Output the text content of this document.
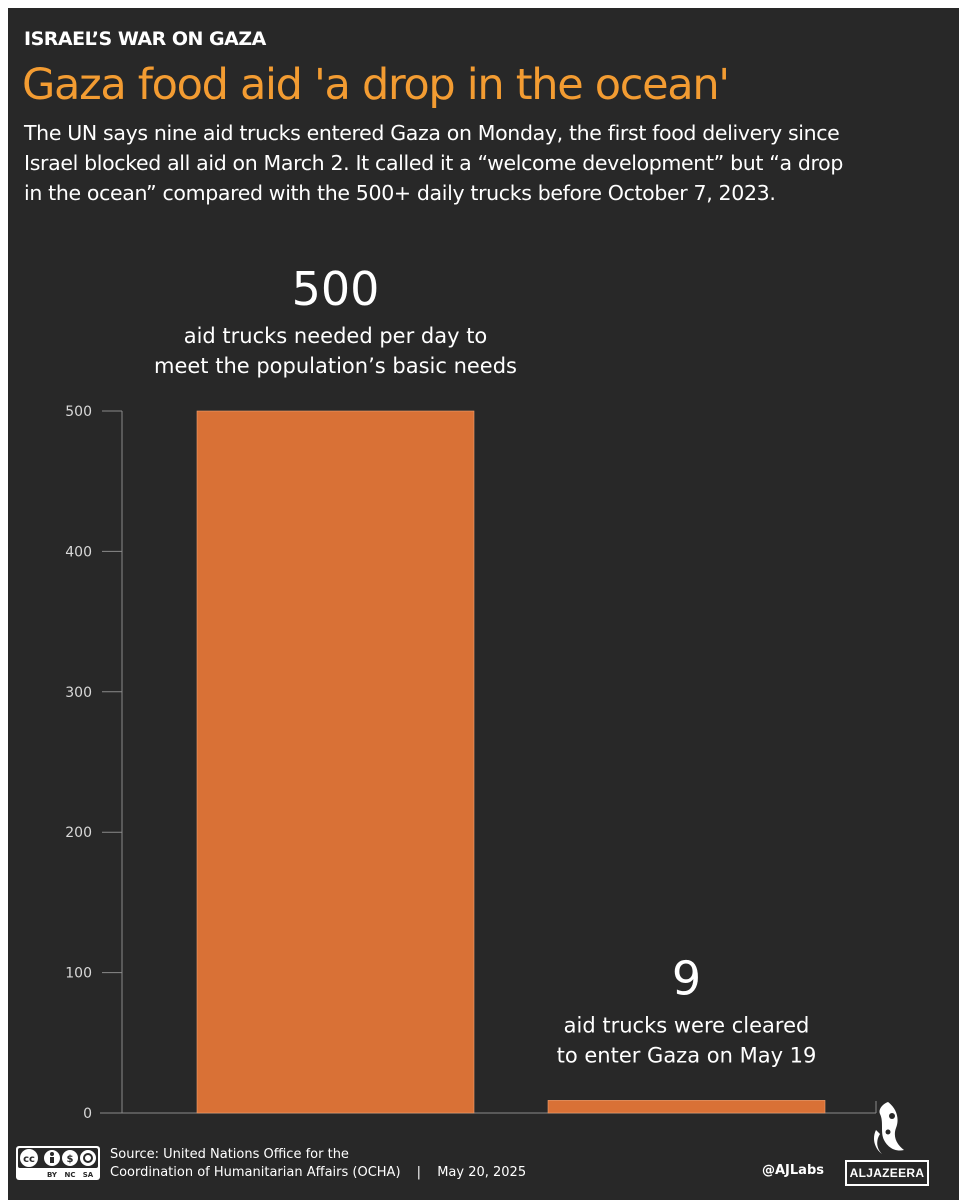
ISRAEL’S WAR ON GAZA
Gaza food aid 'a drop in the ocean'
The UN says nine aid trucks entered Gaza on Monday, the first food delivery since
Israel blocked all aid on March 2. It called it a “welcome development” but “a drop
in the ocean” compared with the 500+ daily trucks before October 7, 2023.
0
100
200
300
400
500
500
aid trucks needed per day to
meet the population’s basic needs
9
aid trucks were cleared
to enter Gaza on May 19
cc	$
BY NC SA
Source: United Nations Office for the
Coordination of Humanitarian Affairs (OCHA) | May 20, 2025	@AJLabs	ALJAZEERA
